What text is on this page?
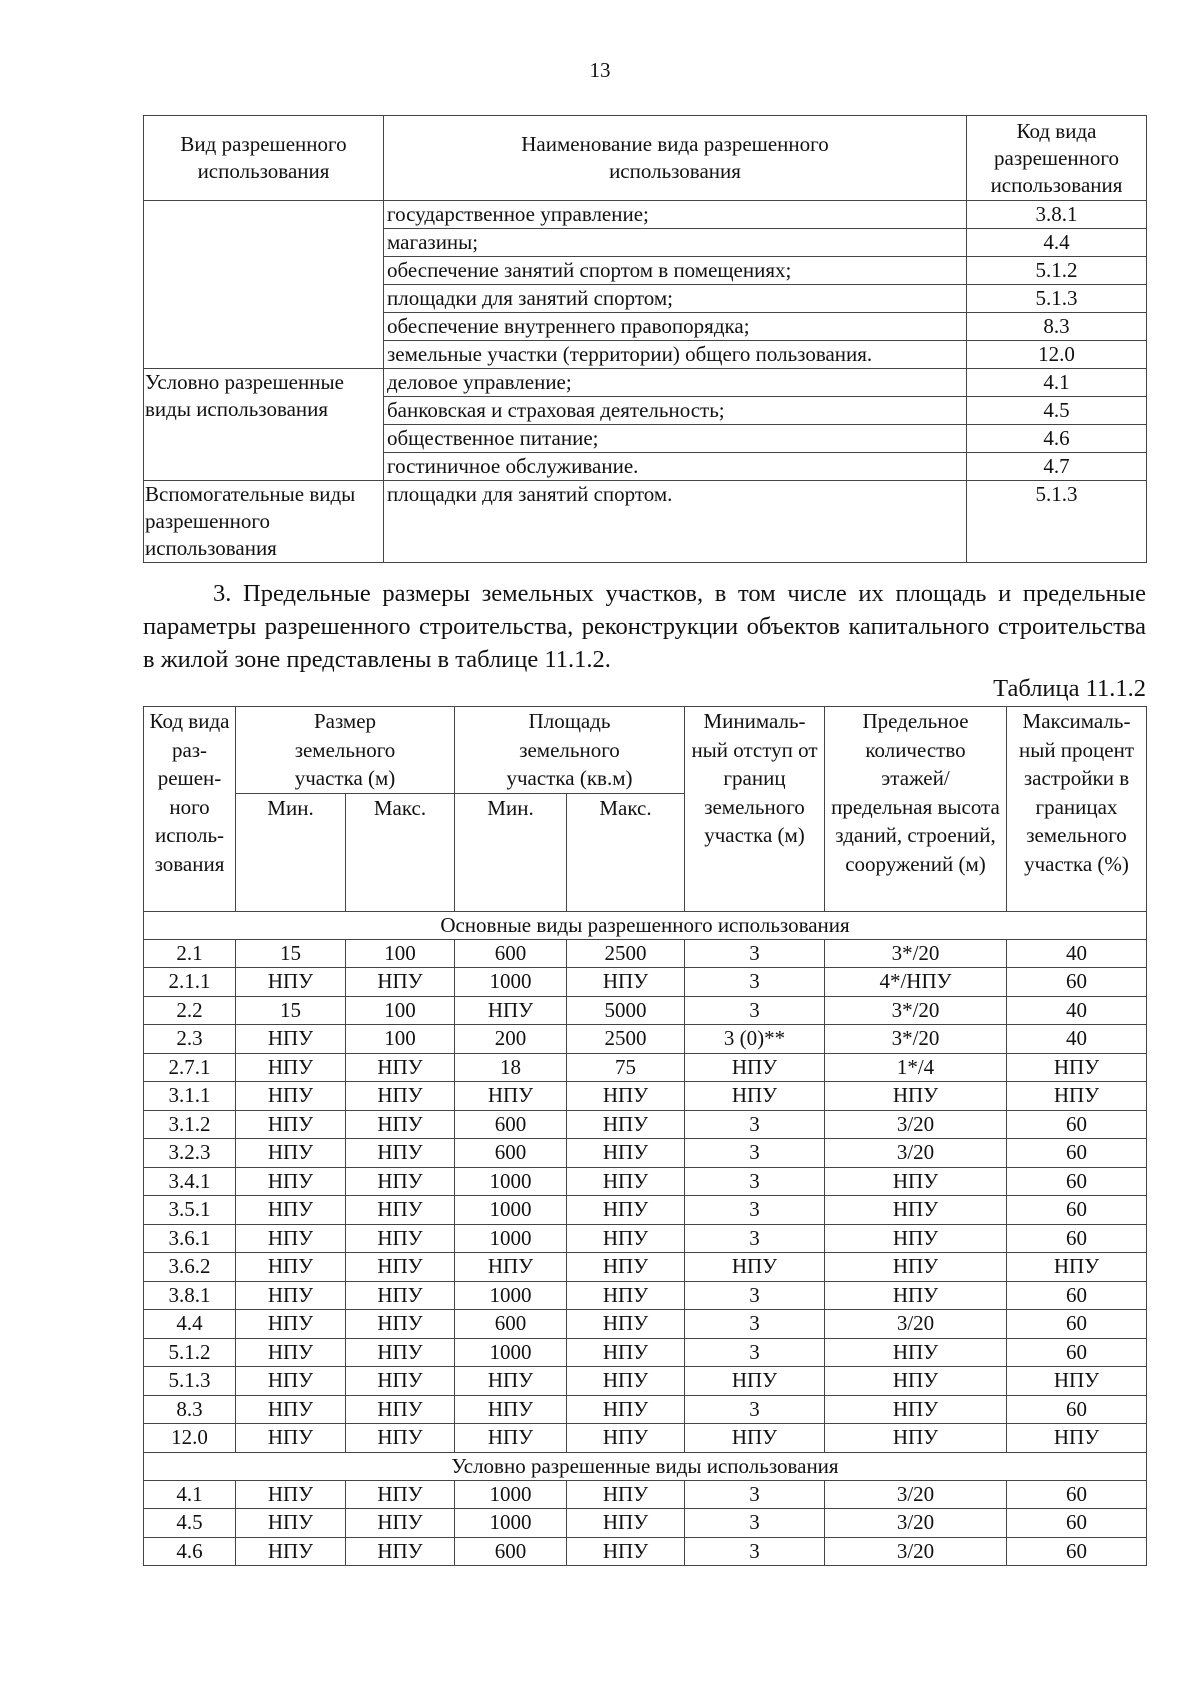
13
Вид разрешенного использования	Наименование вида разрешенного использования	Код вида разрешенного использования
	государственное управление;	3.8.1
	магазины;	4.4
	обеспечение занятий спортом в помещениях;	5.1.2
	площадки для занятий спортом;	5.1.3
	обеспечение внутреннего правопорядка;	8.3
	земельные участки (территории) общего пользования.	12.0
Условно разрешенные виды использования	деловое управление;	4.1
	банковская и страховая деятельность;	4.5
	общественное питание;	4.6
	гостиничное обслуживание.	4.7
Вспомогательные виды разрешенного использования	площадки для занятий спортом.	5.1.3

3. Предельные размеры земельных участков, в том числе их площадь и предельные параметры разрешенного строительства, реконструкции объектов капитального строительства в жилой зоне представлены в таблице 11.1.2.

Таблица 11.1.2
Код вида раз-решен-ного исполь-зования	Размер земельного участка (м)		Площадь земельного участка (кв.м)		Минималь-ный отступ от границ земельного участка (м)	Предельное количество этажей/ предельная высота зданий, строений, сооружений (м)	Максималь-ный процент застройки в границах земельного участка (%)
	Мин.	Макс.	Мин.	Макс.			
Основные виды разрешенного использования							
2.1	15	100	600	2500	3	3*/20	40
2.1.1	НПУ	НПУ	1000	НПУ	3	4*/НПУ	60
2.2	15	100	НПУ	5000	3	3*/20	40
2.3	НПУ	100	200	2500	3 (0)**	3*/20	40
2.7.1	НПУ	НПУ	18	75	НПУ	1*/4	НПУ
3.1.1	НПУ	НПУ	НПУ	НПУ	НПУ	НПУ	НПУ
3.1.2	НПУ	НПУ	600	НПУ	3	3/20	60
3.2.3	НПУ	НПУ	600	НПУ	3	3/20	60
3.4.1	НПУ	НПУ	1000	НПУ	3	НПУ	60
3.5.1	НПУ	НПУ	1000	НПУ	3	НПУ	60
3.6.1	НПУ	НПУ	1000	НПУ	3	НПУ	60
3.6.2	НПУ	НПУ	НПУ	НПУ	НПУ	НПУ	НПУ
3.8.1	НПУ	НПУ	1000	НПУ	3	НПУ	60
4.4	НПУ	НПУ	600	НПУ	3	3/20	60
5.1.2	НПУ	НПУ	1000	НПУ	3	НПУ	60
5.1.3	НПУ	НПУ	НПУ	НПУ	НПУ	НПУ	НПУ
8.3	НПУ	НПУ	НПУ	НПУ	3	НПУ	60
12.0	НПУ	НПУ	НПУ	НПУ	НПУ	НПУ	НПУ
Условно разрешенные виды использования							
4.1	НПУ	НПУ	1000	НПУ	3	3/20	60
4.5	НПУ	НПУ	1000	НПУ	3	3/20	60
4.6	НПУ	НПУ	600	НПУ	3	3/20	60
